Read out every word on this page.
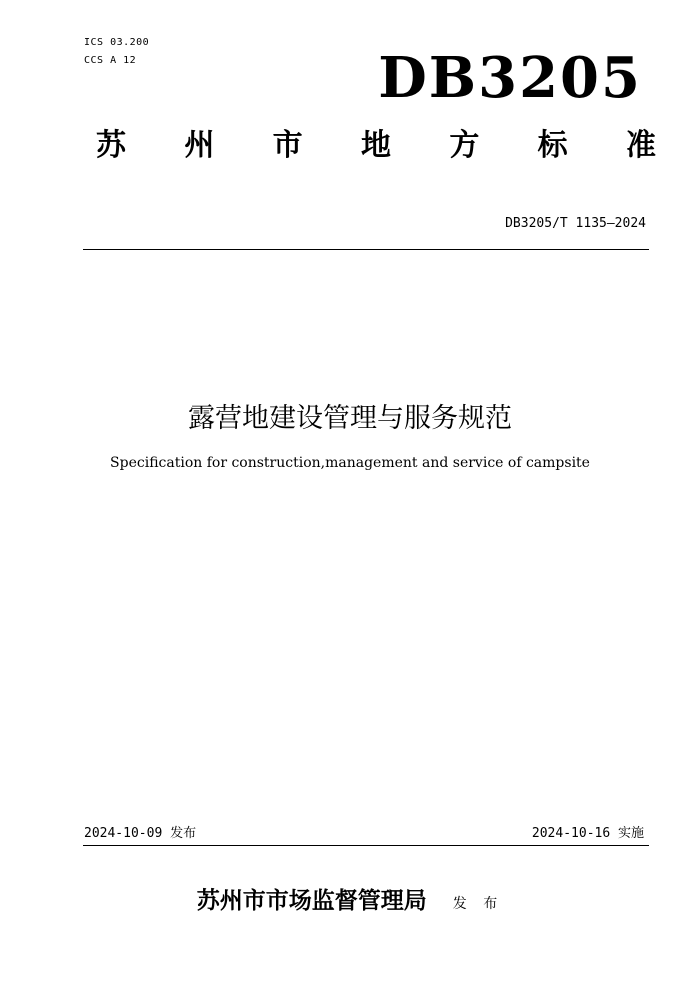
ICS 03.200
CCS A 12	DB3205
苏 州 市 地 方 标 准
DB3205/T 1135—2024
露营地建设管理与服务规范
Specification for construction,management and service of campsite
2024-10-09 发布	2024-10-16 实施
苏州市市场监督管理局 发 布
